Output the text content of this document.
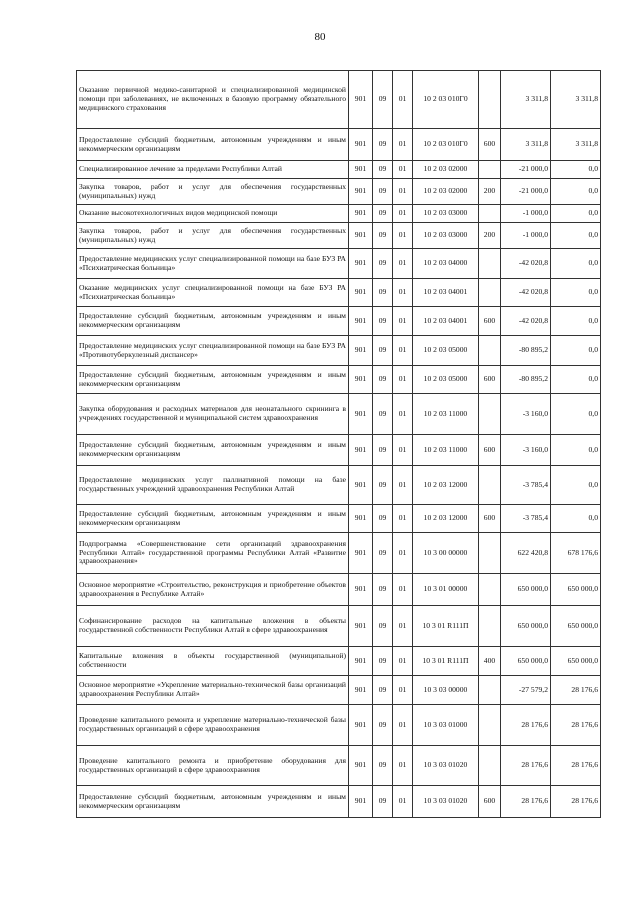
80
Оказание первичной медико-санитарной и специализированной медицинской помощи при заболеваниях, не включенных в базовую программу обязательного медицинского страхования	901	09	01	10 2 03 010Г0		3 311,8	3 311,8
Предоставление субсидий бюджетным, автономным учреждениям и иным некоммерческим организациям	901	09	01	10 2 03 010Г0	600	3 311,8	3 311,8
Специализированное лечение за пределами Республики Алтай	901	09	01	10 2 03 02000		-21 000,0	0,0
Закупка товаров, работ и услуг для обеспечения государственных (муниципальных) нужд	901	09	01	10 2 03 02000	200	-21 000,0	0,0
Оказание высокотехнологичных видов медицинской помощи	901	09	01	10 2 03 03000		-1 000,0	0,0
Закупка товаров, работ и услуг для обеспечения государственных (муниципальных) нужд	901	09	01	10 2 03 03000	200	-1 000,0	0,0
Предоставление медицинских услуг специализированной помощи на базе БУЗ РА «Психиатрическая больница»	901	09	01	10 2 03 04000		-42 020,8	0,0
Оказание медицинских услуг специализированной помощи на базе БУЗ РА «Психиатрическая больница»	901	09	01	10 2 03 04001		-42 020,8	0,0
Предоставление субсидий бюджетным, автономным учреждениям и иным некоммерческим организациям	901	09	01	10 2 03 04001	600	-42 020,8	0,0
Предоставление медицинских услуг специализированной помощи на базе БУЗ РА «Противотуберкулезный диспансер»	901	09	01	10 2 03 05000		-80 895,2	0,0
Предоставление субсидий бюджетным, автономным учреждениям и иным некоммерческим организациям	901	09	01	10 2 03 05000	600	-80 895,2	0,0
Закупка оборудования и расходных материалов для неонатального скрининга в учреждениях государственной и муниципальной систем здравоохранения	901	09	01	10 2 03 11000		-3 160,0	0,0
Предоставление субсидий бюджетным, автономным учреждениям и иным некоммерческим организациям	901	09	01	10 2 03 11000	600	-3 160,0	0,0
Предоставление медицинских услуг паллиативной помощи на базе государственных учреждений здравоохранения Республики Алтай	901	09	01	10 2 03 12000		-3 785,4	0,0
Предоставление субсидий бюджетным, автономным учреждениям и иным некоммерческим организациям	901	09	01	10 2 03 12000	600	-3 785,4	0,0
Подпрограмма «Совершенствование сети организаций здравоохранения Республики Алтай» государственной программы Республики Алтай «Развитие здравоохранения»	901	09	01	10 3 00 00000		622 420,8	678 176,6
Основное мероприятие «Строительство, реконструкция и приобретение объектов здравоохранения в Республике Алтай»	901	09	01	10 3 01 00000		650 000,0	650 000,0
Софинансирование расходов на капитальные вложения в объекты государственной собственности Республики Алтай в сфере здравоохранения	901	09	01	10 3 01 R111П		650 000,0	650 000,0
Капитальные вложения в объекты государственной (муниципальной) собственности	901	09	01	10 3 01 R111П	400	650 000,0	650 000,0
Основное мероприятие «Укрепление материально-технической базы организаций здравоохранения Республики Алтай»	901	09	01	10 3 03 00000		-27 579,2	28 176,6
Проведение капитального ремонта и укрепление материально-технической базы государственных организаций в сфере здравоохранения	901	09	01	10 3 03 01000		28 176,6	28 176,6
Проведение капитального ремонта и приобретение оборудования для государственных организаций в сфере здравоохранения	901	09	01	10 3 03 01020		28 176,6	28 176,6
Предоставление субсидий бюджетным, автономным учреждениям и иным некоммерческим организациям	901	09	01	10 3 03 01020	600	28 176,6	28 176,6
